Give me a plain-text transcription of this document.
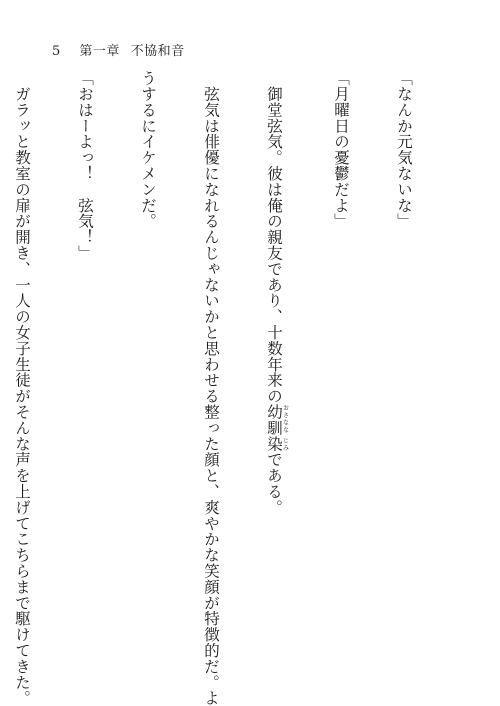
5 第一章 不協和音

「なんか元気ないな」

「月曜日の憂鬱だよ」

　御堂弦気。彼は俺の親友であり、十数年来の幼馴染おさなな じみである。

　弦気は俳優になれるんじゃないかと思わせる整った顔と、爽やかな笑顔が特徴的だ。よ

うするにイケメンだ。

「おはーよっ！　弦気！」

　ガラッと教室の扉が開き、一人の女子生徒がそんな声を上げてこちらまで駆けてきた。
